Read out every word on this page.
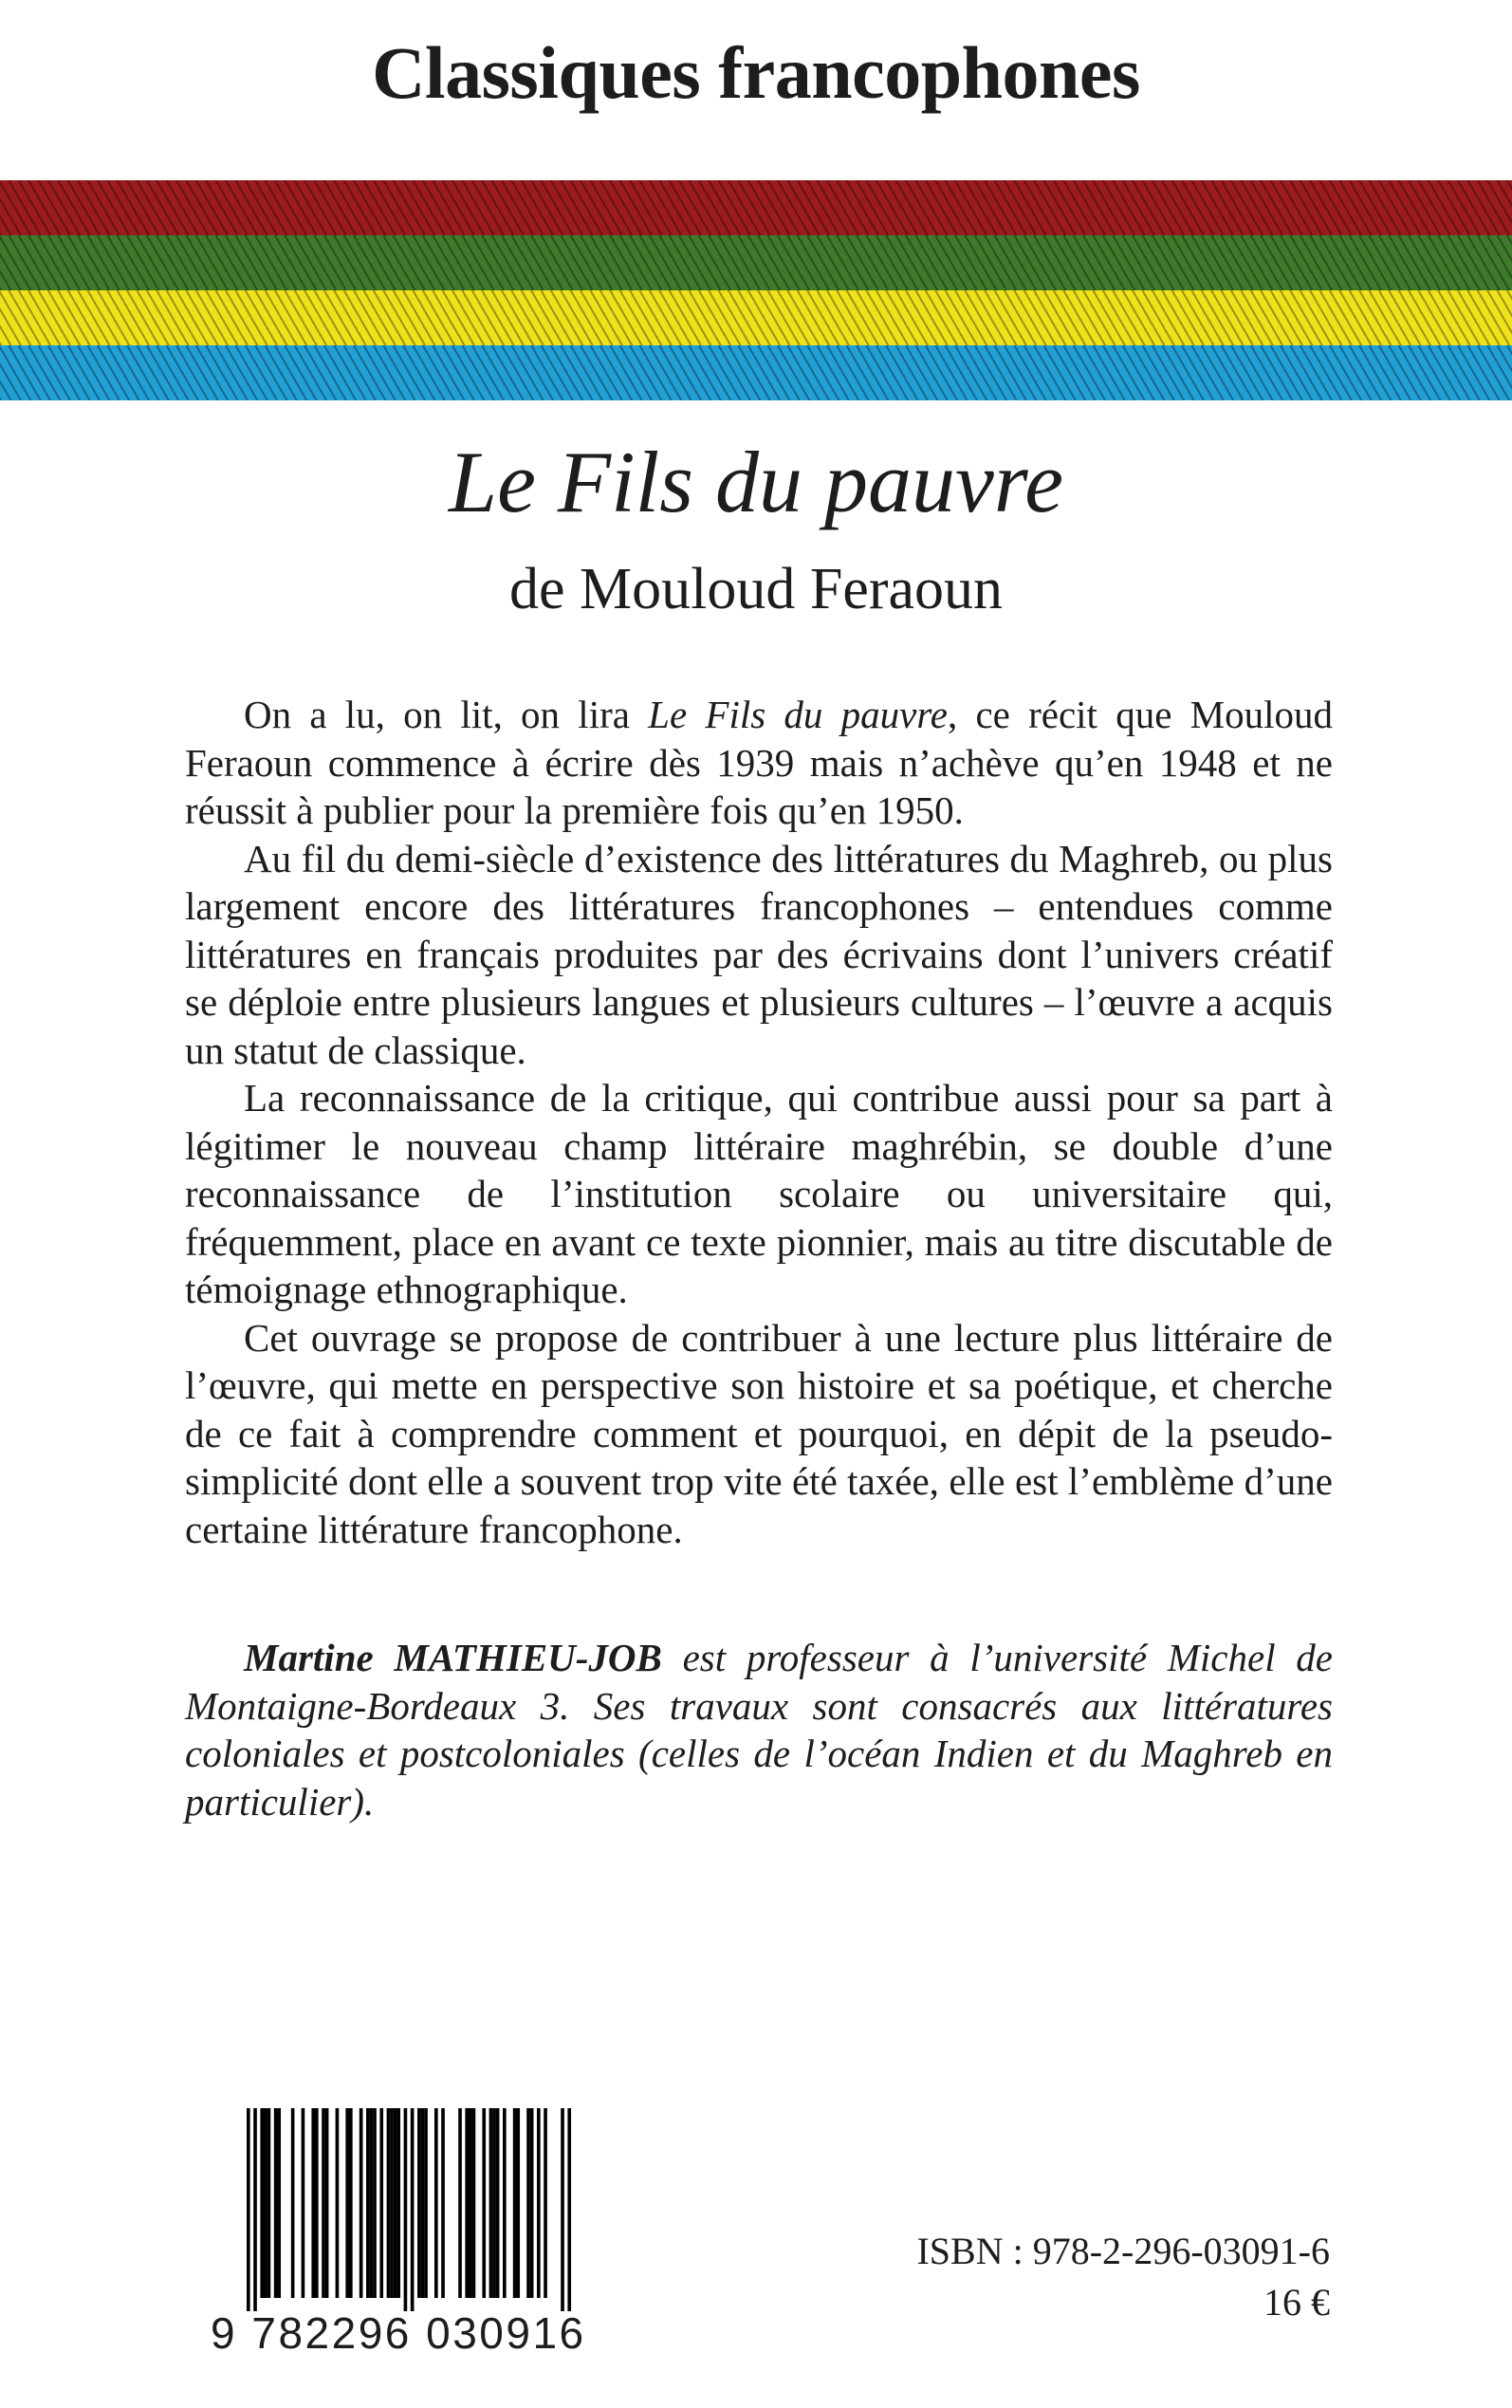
Classiques francophones
Le Fils du pauvre
de Mouloud Feraoun

On a lu, on lit, on lira Le Fils du pauvre, ce récit que Mouloud Feraoun commence à écrire dès 1939 mais n’achève qu’en 1948 et ne réussit à publier pour la première fois qu’en 1950.

Au fil du demi-siècle d’existence des littératures du Maghreb, ou plus largement encore des littératures francophones – entendues comme littératures en français produites par des écrivains dont l’univers créatif se déploie entre plusieurs langues et plusieurs cultures – l’œuvre a acquis un statut de classique.

La reconnaissance de la critique, qui contribue aussi pour sa part à légitimer le nouveau champ littéraire maghrébin, se double d’une reconnaissance de l’institution scolaire ou universitaire qui, fréquemment, place en avant ce texte pionnier, mais au titre discutable de témoignage ethnographique.

Cet ouvrage se propose de contribuer à une lecture plus littéraire de l’œuvre, qui mette en perspective son histoire et sa poétique, et cherche de ce fait à comprendre comment et pourquoi, en dépit de la pseudo-simplicité dont elle a souvent trop vite été taxée, elle est l’emblème d’une certaine littérature francophone.

Martine MATHIEU-JOB est professeur à l’université Michel de Montaigne-Bordeaux 3. Ses travaux sont consacrés aux littératures coloniales et postcoloniales (celles de l’océan Indien et du Maghreb en particulier).

9 782296 030916
ISBN : 978-2-296-03091-6
16 €
